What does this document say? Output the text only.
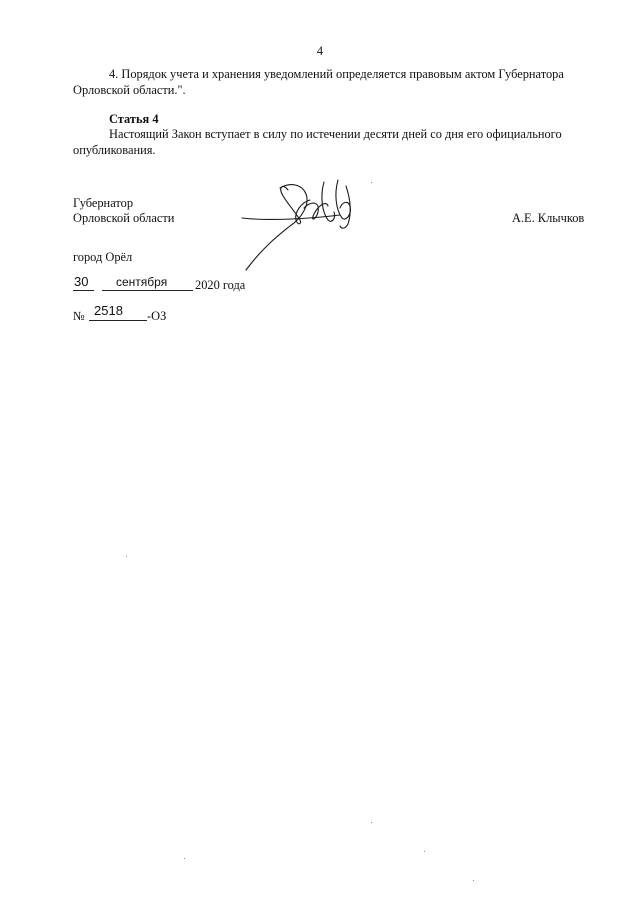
4
4. Порядок учета и хранения уведомлений определяется правовым актом Губернатора
Орловской области.".
Статья 4
Настоящий Закон вступает в силу по истечении десяти дней со дня его официального
опубликования.
Губернатор
Орловской области	А.Е. Клычков
город Орёл
30 сентября 2020 года
№ 2518 -ОЗ
